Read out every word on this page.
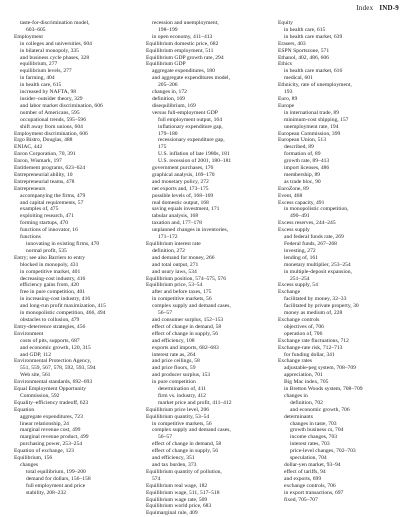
Index IND-9
taste-for-discrimination model,
603–605
Employment
in colleges and universities, 604
in bilateral monopoly, 335
and business cycle phases, 328
equilibrium, 277
equilibrium levels, 277
in farming, 404
in health care, 615
increased by NAFTA, 98
insider–outsider theory, 329
and labor market discrimination, 606
number of Americans, 595
occupational trends, 595–596
shift away from unions, 604
Employment discrimination, 606
Ergo Bistro, Douglas, 488
ENIAC, 442
Enron Corporation, 70, 391
Enron, Wismark, 197
Entitlement programs, 623–624
Entrepreneurial ability, 10
Entrepreneurial teams, 478
Entrepreneurs
accompanying the firms, 479
and capital requirements, 57
examples of, 475
exploiting research, 471
forming startups, 470
functions of innovator, 16
functions
innovating in existing firms, 470
normal profit, 535
Entry; see also Barriers to entry
blocked in monopoly, 431
in competitive market, 401
decreasing-cost industry, 416
efficiency gains from, 420
free in pure competition, 401
in increasing-cost industry, 416
and long-run profit maximization, 415
in monopolistic competition, 466, 494
obstacles to collusion, 479
Entry-deterrence strategies, 456
Environment
costs of pits, supports, 687
and economic growth, 120, 315
and GDP, 112
Environmental Protection Agency,
551, 559, 567, 578, 592, 593, 594
Web site, 561
Environmental standards, 692–693
Equal Employment Opportunity
Commission, 592
Equality–efficiency tradeoff, 623
Equation
aggregate expenditures, 723
linear relationship, 24
marginal revenue cost, 499
marginal revenue product, 499
purchasing power, 253–254
Equation of exchange, 123
Equilibrium, 156
changes
total equilibrium, 199–200
demand for dollars, 156–158
full employment and price
stability, 208–232
recession and unemployment,
198–199
in open economy, 411–413
Equilibrium domestic price, 682
Equilibrium employment, 511
Equilibrium GDP growth rate, 294
Equilibrium GDP
aggregate expenditures, 180
and aggregate expenditures model,
205–206
changes in, 172
definition, 169
disequilibrium, 169
versus full-employment GDP
full employment output, 164
inflationary expenditure gap,
179–180
recessionary expenditure gap,
175
U.S. inflation of late 1980s, 181
U.S. recession of 2001, 180–181
government purchases, 176
graphical analysis, 169–170
and monetary policy, 272
net exports and, 173–175
possible levels of, 168–169
real domestic output, 168
saving equals investment, 171
tabular analysis, 168
taxation and, 177–178
unplanned changes in inventories,
171–172
Equilibrium interest rate
definition, 272
and demand for money, 266
and total output, 271
and usury laws, 534
Equilibrium position, 574–575, 576
Equilibrium price, 53–54
after and before taxes, 175
in competitive markets, 56
complex supply and demand cases,
56–57
and consumer surplus, 152–153
effect of change in demand, 58
effect of change in supply, 56
and efficiency, 108
exports and imports, 682–683
interest rate as, 264
and price ceilings, 58
and price floors, 59
and producer surplus, 153
in pure competition
determination of, 411
firm vs. industry, 412
market price and profit, 411–412
Equilibrium price level, 206
Equilibrium quantity, 53–54
in competitive markets, 56
complex supply and demand cases,
56–57
effect of change in demand, 58
effect of change in supply, 56
and efficiency, 351
and tax burden, 373
Equilibrium quantity of pollution,
574
Equilibrium real wage, 182
Equilibrium wage, 511, 517–518
Equilibrium wage rate, 509
Equilibrium world price, 683
Equimarginal rule, 409
Equity
in health care, 615
in health care market, 639
Erasers, 403
ESPN Sportszone, 571
Ethanol, 402, 486, 606
Ethics
in health care market, 616
medical, 601
Ethnicity, rate of unemployment,
193
Euro, 89
Europe
in international trade, 89
minimum-cost shipping, 157
unemployment rate, 194
European Commission, 399
European Union, 513
described, 89
formation of, 89
growth rate, 89–413
import licenses, 486
membership, 89
as trade bloc, 90
EuroZone, 89
Event, 468
Excess capacity, 491
in monopolistic competition,
490–491
Excess reserves, 244–245
Excess supply
and federal funds rate, 269
Federal funds, 267–268
investing, 272
lending of, 161
monetary multiplier, 253–254
in multiple-deposit expansion,
251–254
Excess supply, 54
Exchange
facilitated by money, 32–33
facilitated by private property, 30
money as medium of, 228
Exchange controls
objectives of, 706
operation of, 706
Exchange rate fluctuations, 712
Exchange-rate risk, 712–713
for funding dollar, 341
Exchange rates
adjustable-peg system, 708–709
appreciation, 701
Big Mac index, 705
in Bretton Woods system, 708–709
changes in
definition, 702
and economic growth, 706
determinants
changes in taste, 703
growth business cs, 704
income changes, 703
interest rates, 703
price-level changes, 702–703
speculation, 704
dollar-yen market, 93–94
effect of tariffs, 94
and exports, 699
exchange controls, 706
in export transactions, 697
fixed, 705–707
